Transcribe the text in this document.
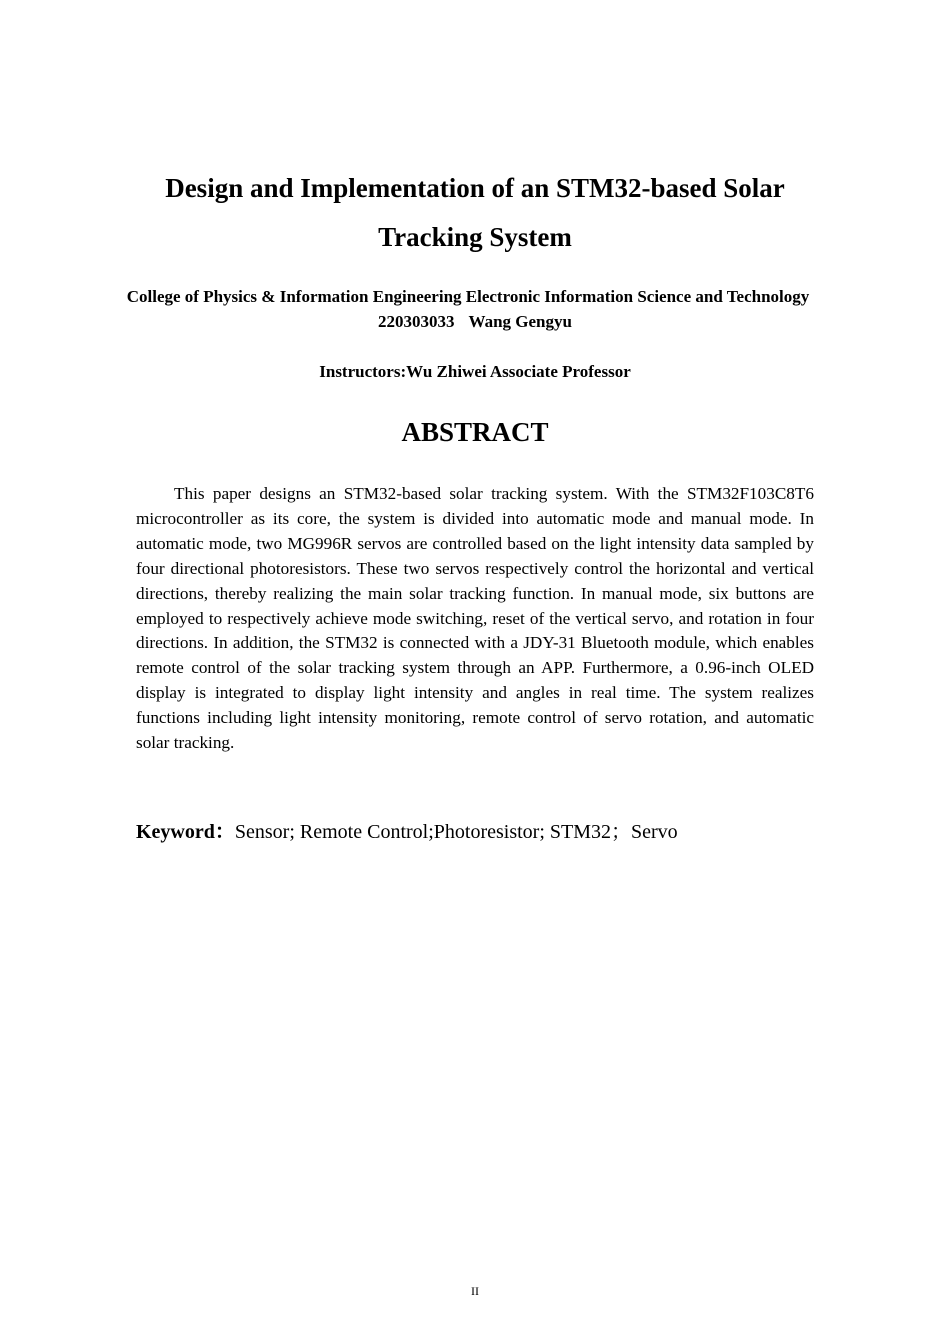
Design and Implementation of an STM32-based Solar Tracking System

College of Physics & Information Engineering Electronic Information Science and Technology220303033 Wang Gengyu

Instructors:Wu Zhiwei Associate Professor

ABSTRACT

This paper designs an STM32-based solar tracking system. With the STM32F103C8T6 microcontroller as its core, the system is divided into automatic mode and manual mode. In automatic mode, two MG996R servos are controlled based on the light intensity data sampled by four directional photoresistors. These two servos respectively control the horizontal and vertical directions, thereby realizing the main solar tracking function. In manual mode, six buttons are employed to respectively achieve mode switching, reset of the vertical servo, and rotation in four directions. In addition, the STM32 is connected with a JDY-31 Bluetooth module, which enables remote control of the solar tracking system through an APP. Furthermore, a 0.96-inch OLED display is integrated to display light intensity and angles in real time. The system realizes functions including light intensity monitoring, remote control of servo rotation, and automatic solar tracking.

Keyword：Sensor; Remote Control;Photoresistor; STM32；Servo

II
